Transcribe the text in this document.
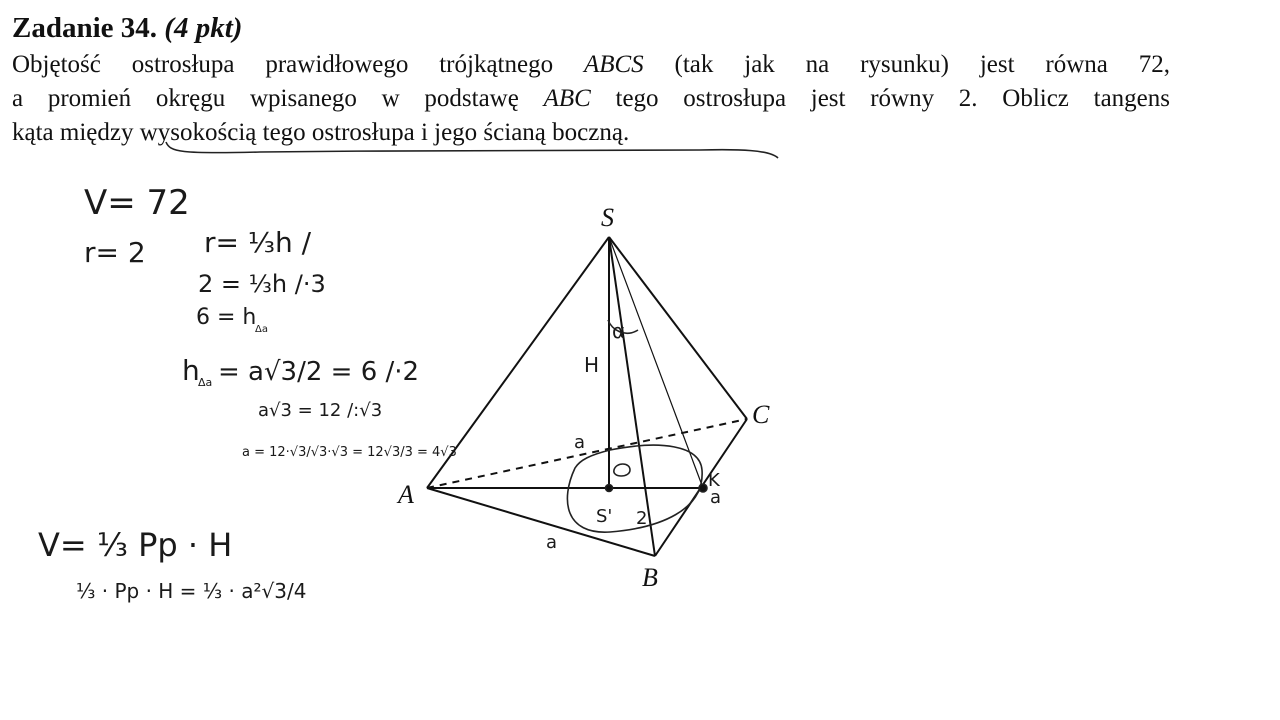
Zadanie 34. (4 pkt)
Objętość ostrosłupa prawidłowego trójkątnego ABCS (tak jak na rysunku) jest równa 72,
a promień okręgu wpisanego w podstawę ABC tego ostrosłupa jest równy 2. Oblicz tangens
kąta między wysokością tego ostrosłupa i jego ścianą boczną.
S
A
B
C
H
α
S'
K
a
a
a
2
V= 72
r= 2 r= ⅓h /
2 = ⅓h /·3
6 = h
Δa
h
Δa = a√3/2 = 6 /·2
a√3 = 12 /:√3
a = 12·√3/√3·√3 = 12√3/3 = 4√3
V= ⅓ Pp · H
⅓ · Pp · H = ⅓ · a²√3/4
